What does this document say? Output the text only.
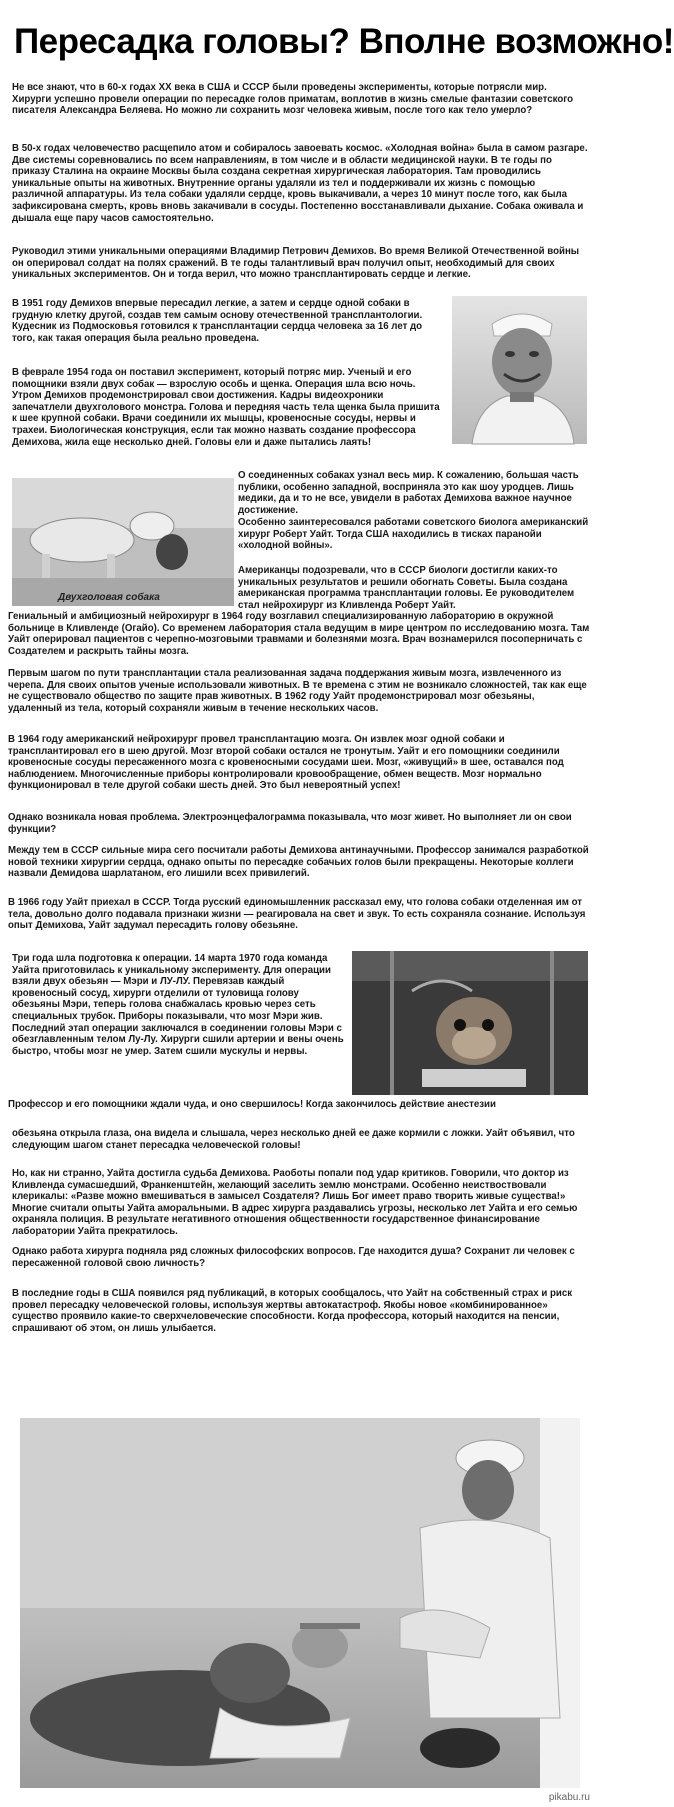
Пересадка головы? Вполне возможно!

Не все знают, что в 60-х годах XX века в США и СССР были проведены эксперименты, которые потрясли мир. Хирурги успешно провели операции по пересадке голов приматам, воплотив в жизнь смелые фантазии советского писателя Александра Беляева. Но можно ли сохранить мозг человека живым, после того как тело умерло?

В 50-х годах человечество расщепило атом и собиралось завоевать космос. «Холодная война» была в самом разгаре. Две системы соревновались по всем направлениям, в том числе и в области медицинской науки. В те годы по приказу Сталина на окраине Москвы была создана секретная хирургическая лаборатория. Там проводились уникальные опыты на животных. Внутренние органы удаляли из тел и поддерживали их жизнь с помощью различной аппаратуры. Из тела собаки удаляли сердце, кровь выкачивали, а через 10 минут после того, как была зафиксирована смерть, кровь вновь закачивали в сосуды. Постепенно восстанавливали дыхание. Собака оживала и дышала еще пару часов самостоятельно.

Руководил этими уникальными операциями Владимир Петрович Демихов. Во время Великой Отечественной войны он оперировал солдат на полях сражений. В те годы талантливый врач получил опыт, необходимый для своих уникальных экспериментов. Он и тогда верил, что можно трансплантировать сердце и легкие.

В 1951 году Демихов впервые пересадил легкие, а затем и сердце одной собаки в грудную клетку другой, создав тем самым основу отечественной трансплантологии. Кудесник из Подмосковья готовился к трансплантации сердца человека за 16 лет до того, как такая операция была реально проведена.

В феврале 1954 года он поставил эксперимент, который потряс мир. Ученый и его помощники взяли двух собак — взрослую особь и щенка. Операция шла всю ночь. Утром Демихов продемонстрировал свои достижения. Кадры видеохроники запечатлели двухголового монстра. Голова и передняя часть тела щенка была пришита к шее крупной собаки. Врачи соединили их мышцы, кровеносные сосуды, нервы и трахеи. Биологическая конструкция, если так можно назвать создание профессора Демихова, жила еще несколько дней. Головы ели и даже пытались лаять!

Двухголовая собака

О соединенных собаках узнал весь мир. К сожалению, большая часть публики, особенно западной, восприняла это как шоу уродцев. Лишь медики, да и то не все, увидели в работах Демихова важное научное достижение.

Особенно заинтересовался работами советского биолога американский хирург Роберт Уайт. Тогда США находились в тисках паранойи «холодной войны».

Американцы подозревали, что в СССР биологи достигли каких-то уникальных результатов и решили обогнать Советы. Была создана американская программа трансплантации головы. Ее руководителем стал нейрохирург из Кливленда Роберт Уайт.

Гениальный и амбициозный нейрохирург в 1964 году возглавил специализированную лабораторию в окружной больнице в Кливленде (Огайо). Со временем лаборатория стала ведущим в мире центром по исследованию мозга. Там Уайт оперировал пациентов с черепно-мозговыми травмами и болезнями мозга. Врач вознамерился посоперничать с Создателем и раскрыть тайны мозга.

Первым шагом по пути трансплантации стала реализованная задача поддержания живым мозга, извлеченного из черепа. Для своих опытов ученые использовали животных. В те времена с этим не возникало сложностей, так как еще не существовало общество по защите прав животных. В 1962 году Уайт продемонстрировал мозг обезьяны, удаленный из тела, который сохраняли живым в течение нескольких часов.

В 1964 году американский нейрохирург провел трансплантацию мозга. Он извлек мозг одной собаки и трансплантировал его в шею другой. Мозг второй собаки остался не тронутым. Уайт и его помощники соединили кровеносные сосуды пересаженного мозга с кровеносными сосудами шеи. Мозг, «живущий» в шее, оставался под наблюдением. Многочисленные приборы контролировали кровообращение, обмен веществ. Мозг нормально функционировал в теле другой собаки шесть дней. Это был невероятный успех!

Однако возникала новая проблема. Электроэнцефалограмма показывала, что мозг живет. Но выполняет ли он свои функции?

Между тем в СССР сильные мира сего посчитали работы Демихова антинаучными. Профессор занимался разработкой новой техники хирургии сердца, однако опыты по пересадке собачьих голов были прекращены. Некоторые коллеги назвали Демидова шарлатаном, его лишили всех привилегий.

В 1966 году Уайт приехал в СССР. Тогда русский единомышленник рассказал ему, что голова собаки отделенная им от тела, довольно долго подавала признаки жизни — реагировала на свет и звук. То есть сохраняла сознание. Используя опыт Демихова, Уайт задумал пересадить голову обезьяне.

Три года шла подготовка к операции. 14 марта 1970 года команда Уайта приготовилась к уникальному эксперименту. Для операции взяли двух обезьян — Мэри и ЛУ-ЛУ. Перевязав каждый кровеносный сосуд, хирурги отделили от туловища голову обезьяны Мэри, теперь голова снабжалась кровью через сеть специальных трубок. Приборы показывали, что мозг Мэри жив. Последний этап операции заключался в соединении головы Мэри с обезглавленным телом Лу-Лу. Хирурги сшили артерии и вены очень быстро, чтобы мозг не умер. Затем сшили мускулы и нервы.

Профессор и его помощники ждали чуда, и оно свершилось! Когда закончилось действие анестезии

обезьяна открыла глаза, она видела и слышала, через несколько дней ее даже кормили с ложки. Уайт объявил, что следующим шагом станет пересадка человеческой головы!

Но, как ни странно, Уайта достигла судьба Демихова. Раоботы попали под удар критиков. Говорили, что доктор из Кливленда сумасшедший, Франкенштейн, желающий заселить землю монстрами. Особенно неиствоствовали клерикалы: «Разве можно вмешиваться в замысел Создателя? Лишь Бог имеет право творить живые существа!» Многие считали опыты Уайта аморальными. В адрес хирурга раздавались угрозы, несколько лет Уайта и его семью охраняла полиция. В результате негативного отношения общественности государственное финансирование лаборатории Уайта прекратилось.

Однако работа хирурга подняла ряд сложных философских вопросов. Где находится душа? Сохранит ли человек с пересаженной головой свою личность?

В последние годы в США появился ряд публикаций, в которых сообщалось, что Уайт на собственный страх и риск провел пересадку человеческой головы, используя жертвы автокатастроф. Якобы новое «комбинированное» существо проявило какие-то сверхчеловеческие способности. Когда профессора, который находится на пенсии, спрашивают об этом, он лишь улыбается.

pikabu.ru
